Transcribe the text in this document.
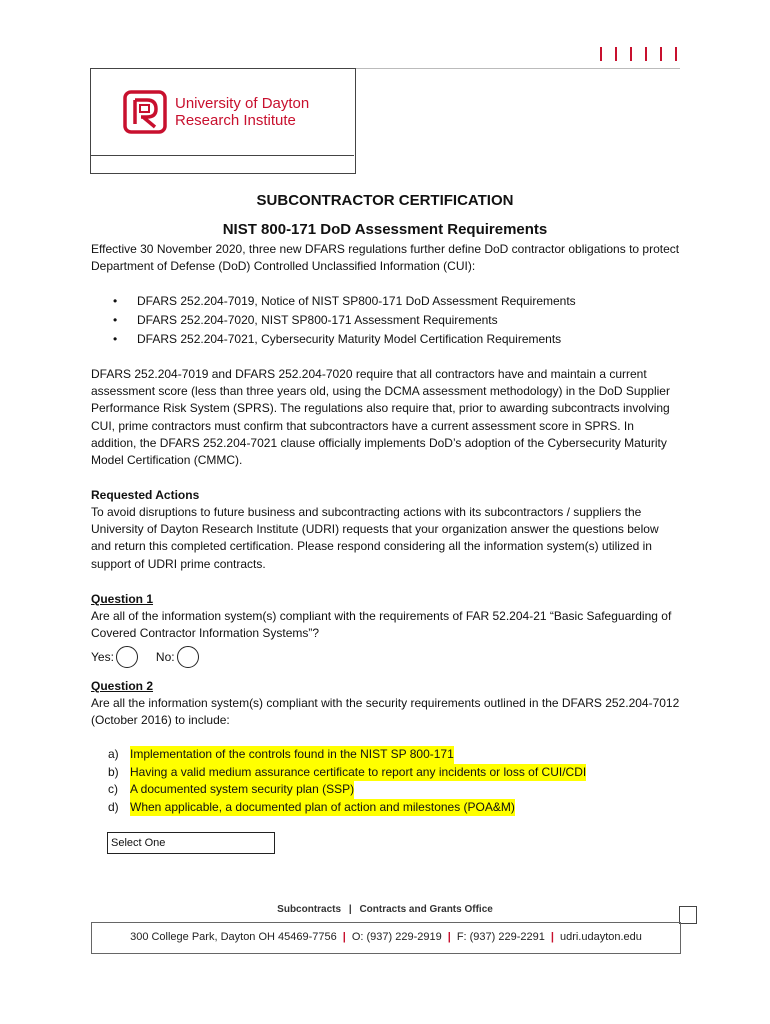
University of Dayton
Research Institute
SUBCONTRACTOR CERTIFICATION
NIST 800-171 DoD Assessment Requirements
Effective 30 November 2020, three new DFARS regulations further define DoD contractor obligations to protect Department of Defense (DoD) Controlled Unclassified Information (CUI):
•	DFARS 252.204-7019, Notice of NIST SP800-171 DoD Assessment Requirements
•	DFARS 252.204-7020, NIST SP800-171 Assessment Requirements
•	DFARS 252.204-7021, Cybersecurity Maturity Model Certification Requirements
DFARS 252.204-7019 and DFARS 252.204-7020 require that all contractors have and maintain a current assessment score (less than three years old, using the DCMA assessment methodology) in the DoD Supplier Performance Risk System (SPRS). The regulations also require that, prior to awarding subcontracts involving CUI, prime contractors must confirm that subcontractors have a current assessment score in SPRS. In addition, the DFARS 252.204-7021 clause officially implements DoD’s adoption of the Cybersecurity Maturity Model Certification (CMMC).
Requested Actions
To avoid disruptions to future business and subcontracting actions with its subcontractors / suppliers the University of Dayton Research Institute (UDRI) requests that your organization answer the questions below and return this completed certification. Please respond considering all the information system(s) utilized in support of UDRI prime contracts.
Question 1
Are all of the information system(s) compliant with the requirements of FAR 52.204-21 “Basic Safeguarding of Covered Contractor Information Systems”?
Yes:	No:
Question 2
Are all the information system(s) compliant with the security requirements outlined in the DFARS 252.204-7012 (October 2016) to include:
a) Implementation of the controls found in the NIST SP 800-171
b) Having a valid medium assurance certificate to report any incidents or loss of CUI/CDI
c)	A documented system security plan (SSP)
d) When applicable, a documented plan of action and milestones (POA&M)
Select One
Subcontracts | Contracts and Grants Office
300 College Park, Dayton OH 45469-7756 | O: (937) 229-2919 | F: (937) 229-2291 | udri.udayton.edu
